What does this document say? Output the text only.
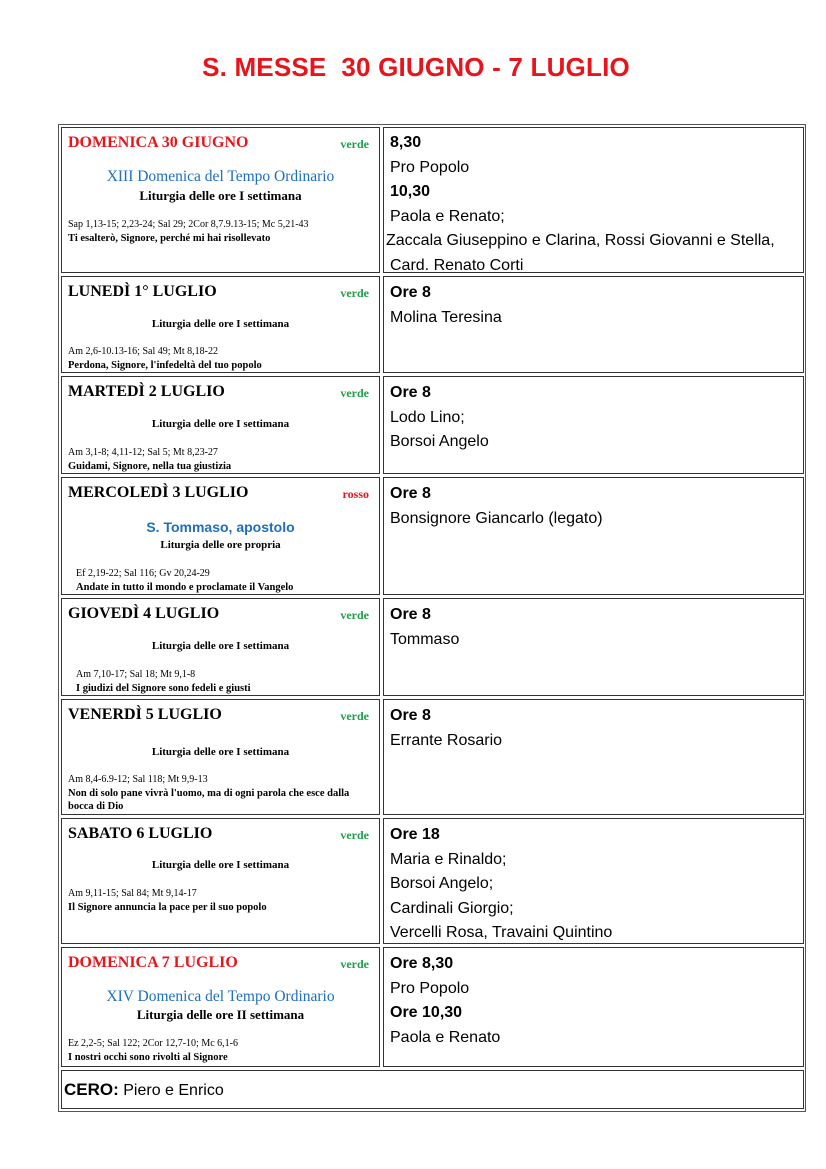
S. MESSE  30 GIUGNO - 7 LUGLIO
DOMENICA 30 GIUGNO	verde
XIII Domenica del Tempo Ordinario
Liturgia delle ore I settimana
Sap 1,13-15; 2,23-24; Sal 29; 2Cor 8,7.9.13-15; Mc 5,21-43
Ti esalterò, Signore, perché mi hai risollevato
8,30
Pro Popolo
10,30
Paola e Renato;
Zaccala Giuseppino e Clarina, Rossi Giovanni e Stella,
Card. Renato Corti
LUNEDÌ 1° LUGLIO	verde
Liturgia delle ore I settimana
Am 2,6-10.13-16; Sal 49; Mt 8,18-22
Perdona, Signore, l'infedeltà del tuo popolo
Ore 8
Molina Teresina
MARTEDÌ 2 LUGLIO	verde
Liturgia delle ore I settimana
Am 3,1-8; 4,11-12; Sal 5; Mt 8,23-27
Guidami, Signore, nella tua giustizia
Ore 8
Lodo Lino;
Borsoi Angelo
MERCOLEDÌ 3 LUGLIO	rosso
S. Tommaso, apostolo
Liturgia delle ore propria
Ef 2,19-22; Sal 116; Gv 20,24-29
Andate in tutto il mondo e proclamate il Vangelo
Ore 8
Bonsignore Giancarlo (legato)
GIOVEDÌ 4 LUGLIO	verde
Liturgia delle ore I settimana
Am 7,10-17; Sal 18; Mt 9,1-8
I giudizi del Signore sono fedeli e giusti
Ore 8
Tommaso
VENERDÌ 5 LUGLIO	verde
Liturgia delle ore I settimana
Am 8,4-6.9-12; Sal 118; Mt 9,9-13
Non di solo pane vivrà l'uomo, ma di ogni parola che esce dalla bocca di Dio
Ore 8
Errante Rosario
SABATO 6 LUGLIO	verde
Liturgia delle ore I settimana
Am 9,11-15; Sal 84; Mt 9,14-17
Il Signore annuncia la pace per il suo popolo
Ore 18
Maria e Rinaldo;
Borsoi Angelo;
Cardinali Giorgio;
Vercelli Rosa, Travaini Quintino
DOMENICA 7 LUGLIO	verde
XIV Domenica del Tempo Ordinario
Liturgia delle ore II settimana
Ez 2,2-5; Sal 122; 2Cor 12,7-10; Mc 6,1-6
I nostri occhi sono rivolti al Signore
Ore 8,30
Pro Popolo
Ore 10,30
Paola e Renato
CERO: Piero e Enrico
